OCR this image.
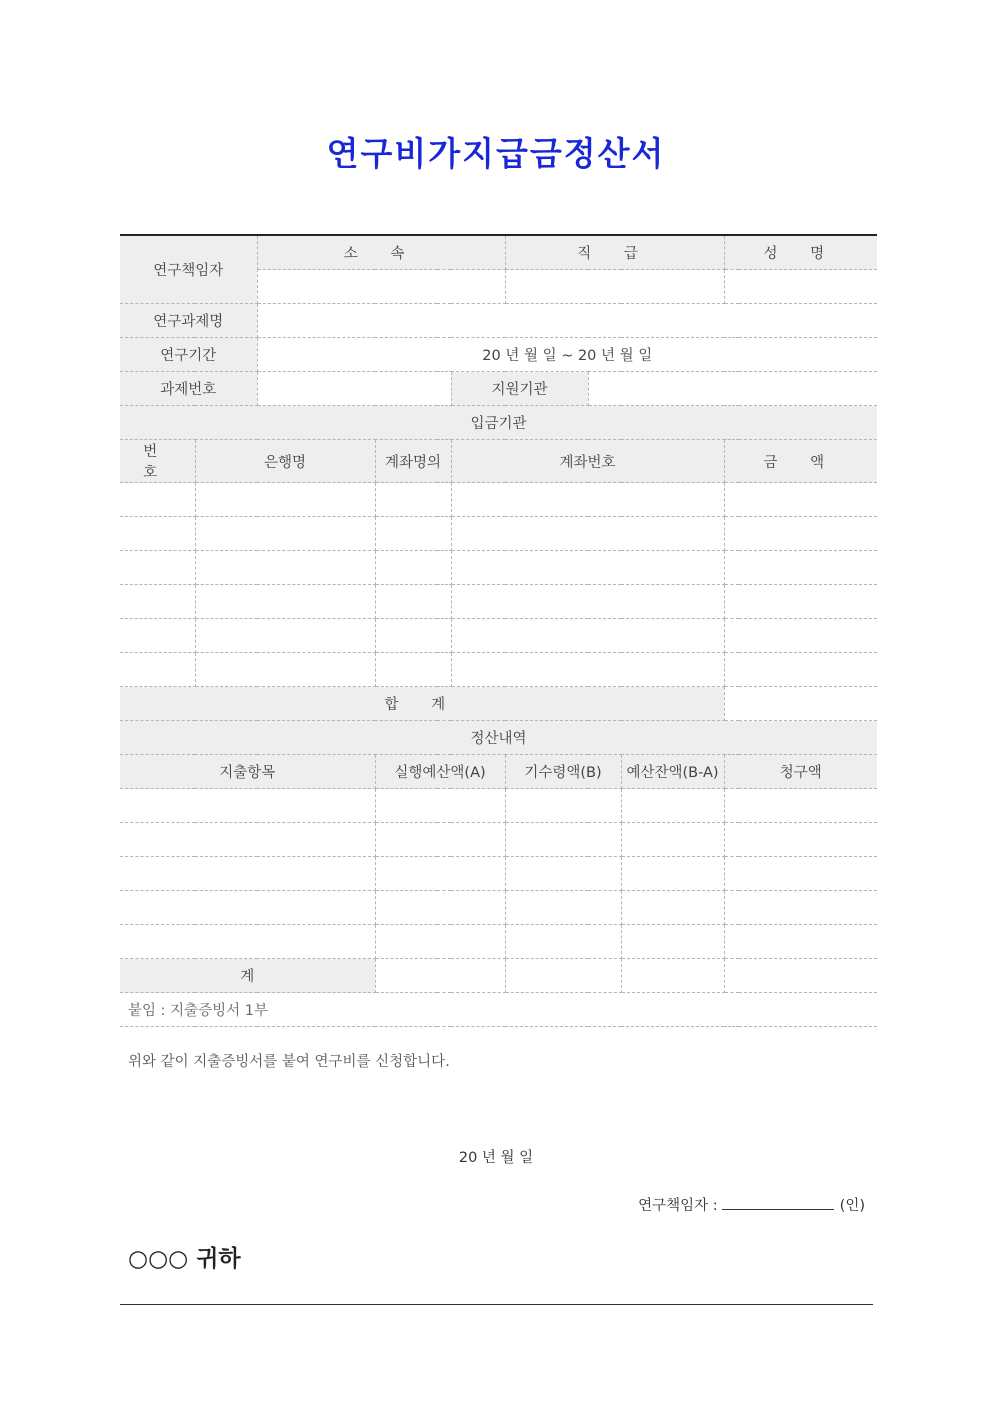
연구비가지급금정산서
연구책임자		소 속			직 급			성 명

연구과제명								
연구기간		20 년 월 일 ~ 20 년 월 일						
과제번호				지원기관				
입금기관								
번 호	은행명		계좌명의	계좌번호				금 액

합 계								
정산내역								
지출항목			실행예산액(A)		기수령액(B)		예산잔액(B-A)	청구액

계								
붙임 : 지출증빙서 1부								
위와 같이 지출증빙서를 붙여 연구비를 신청합니다.
20 년 월 일
연구책임자 :	(인)
○○○ 귀하
